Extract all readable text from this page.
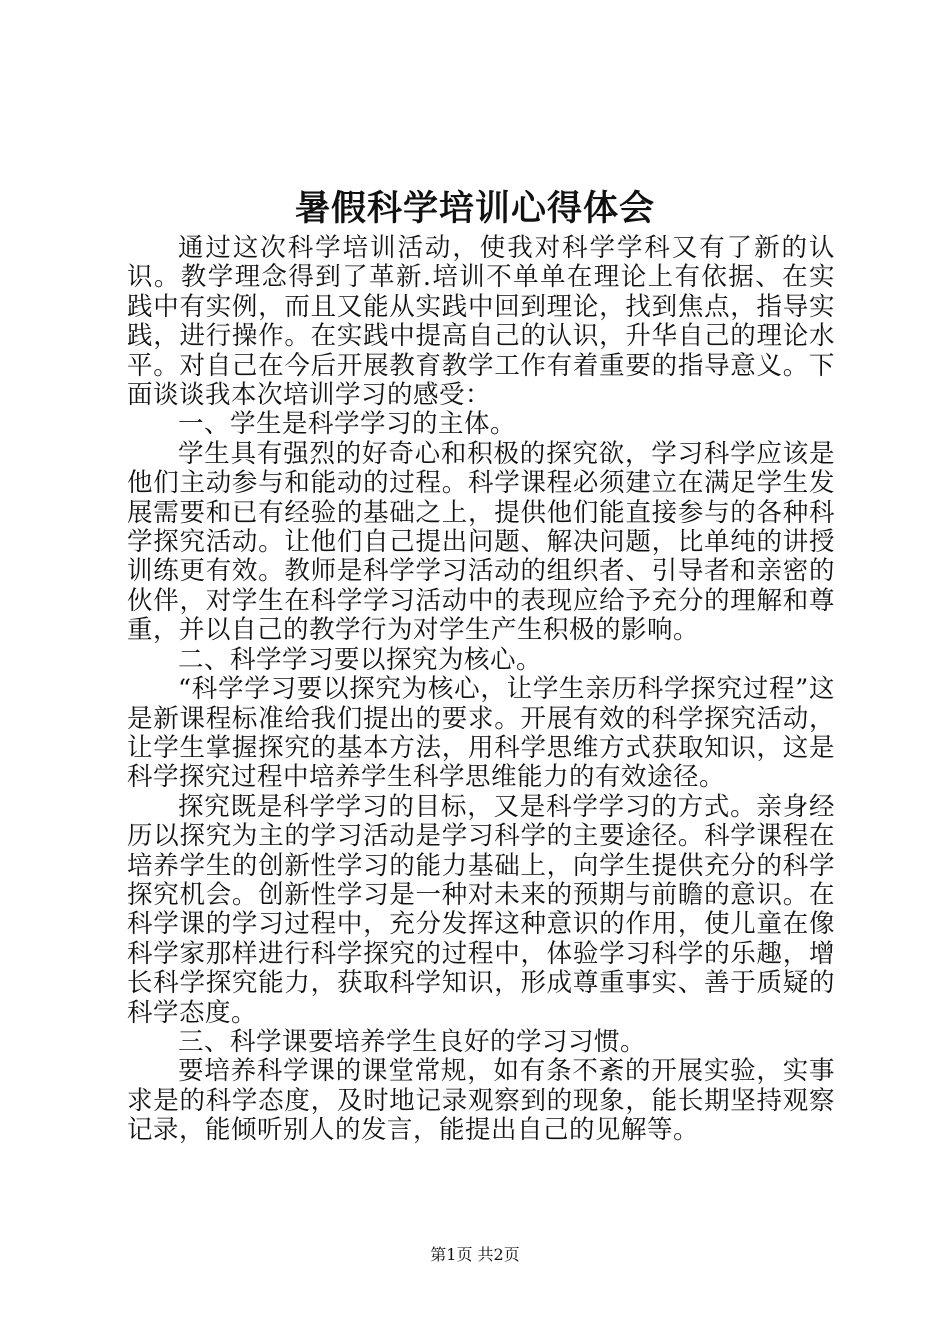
暑假科学培训心得体会

通过这次科学培训活动，使我对科学学科又有了新的认识。教学理念得到了革新.培训不单单在理论上有依据、在实践中有实例，而且又能从实践中回到理论，找到焦点，指导实践，进行操作。在实践中提高自己的认识，升华自己的理论水平。对自己在今后开展教育教学工作有着重要的指导意义。下面谈谈我本次培训学习的感受：

一、学生是科学学习的主体。

学生具有强烈的好奇心和积极的探究欲，学习科学应该是他们主动参与和能动的过程。科学课程必须建立在满足学生发展需要和已有经验的基础之上，提供他们能直接参与的各种科学探究活动。让他们自己提出问题、解决问题，比单纯的讲授训练更有效。教师是科学学习活动的组织者、引导者和亲密的伙伴，对学生在科学学习活动中的表现应给予充分的理解和尊重，并以自己的教学行为对学生产生积极的影响。

二、科学学习要以探究为核心。

“科学学习要以探究为核心，让学生亲历科学探究过程”这是新课程标准给我们提出的要求。开展有效的科学探究活动，让学生掌握探究的基本方法，用科学思维方式获取知识，这是科学探究过程中培养学生科学思维能力的有效途径。

探究既是科学学习的目标，又是科学学习的方式。亲身经历以探究为主的学习活动是学习科学的主要途径。科学课程在培养学生的创新性学习的能力基础上，向学生提供充分的科学探究机会。创新性学习是一种对未来的预期与前瞻的意识。在科学课的学习过程中，充分发挥这种意识的作用，使儿童在像科学家那样进行科学探究的过程中，体验学习科学的乐趣，增长科学探究能力，获取科学知识，形成尊重事实、善于质疑的科学态度。

三、科学课要培养学生良好的学习习惯。

要培养科学课的课堂常规，如有条不紊的开展实验，实事求是的科学态度，及时地记录观察到的现象，能长期坚持观察记录，能倾听别人的发言，能提出自己的见解等。

第1页 共2页
